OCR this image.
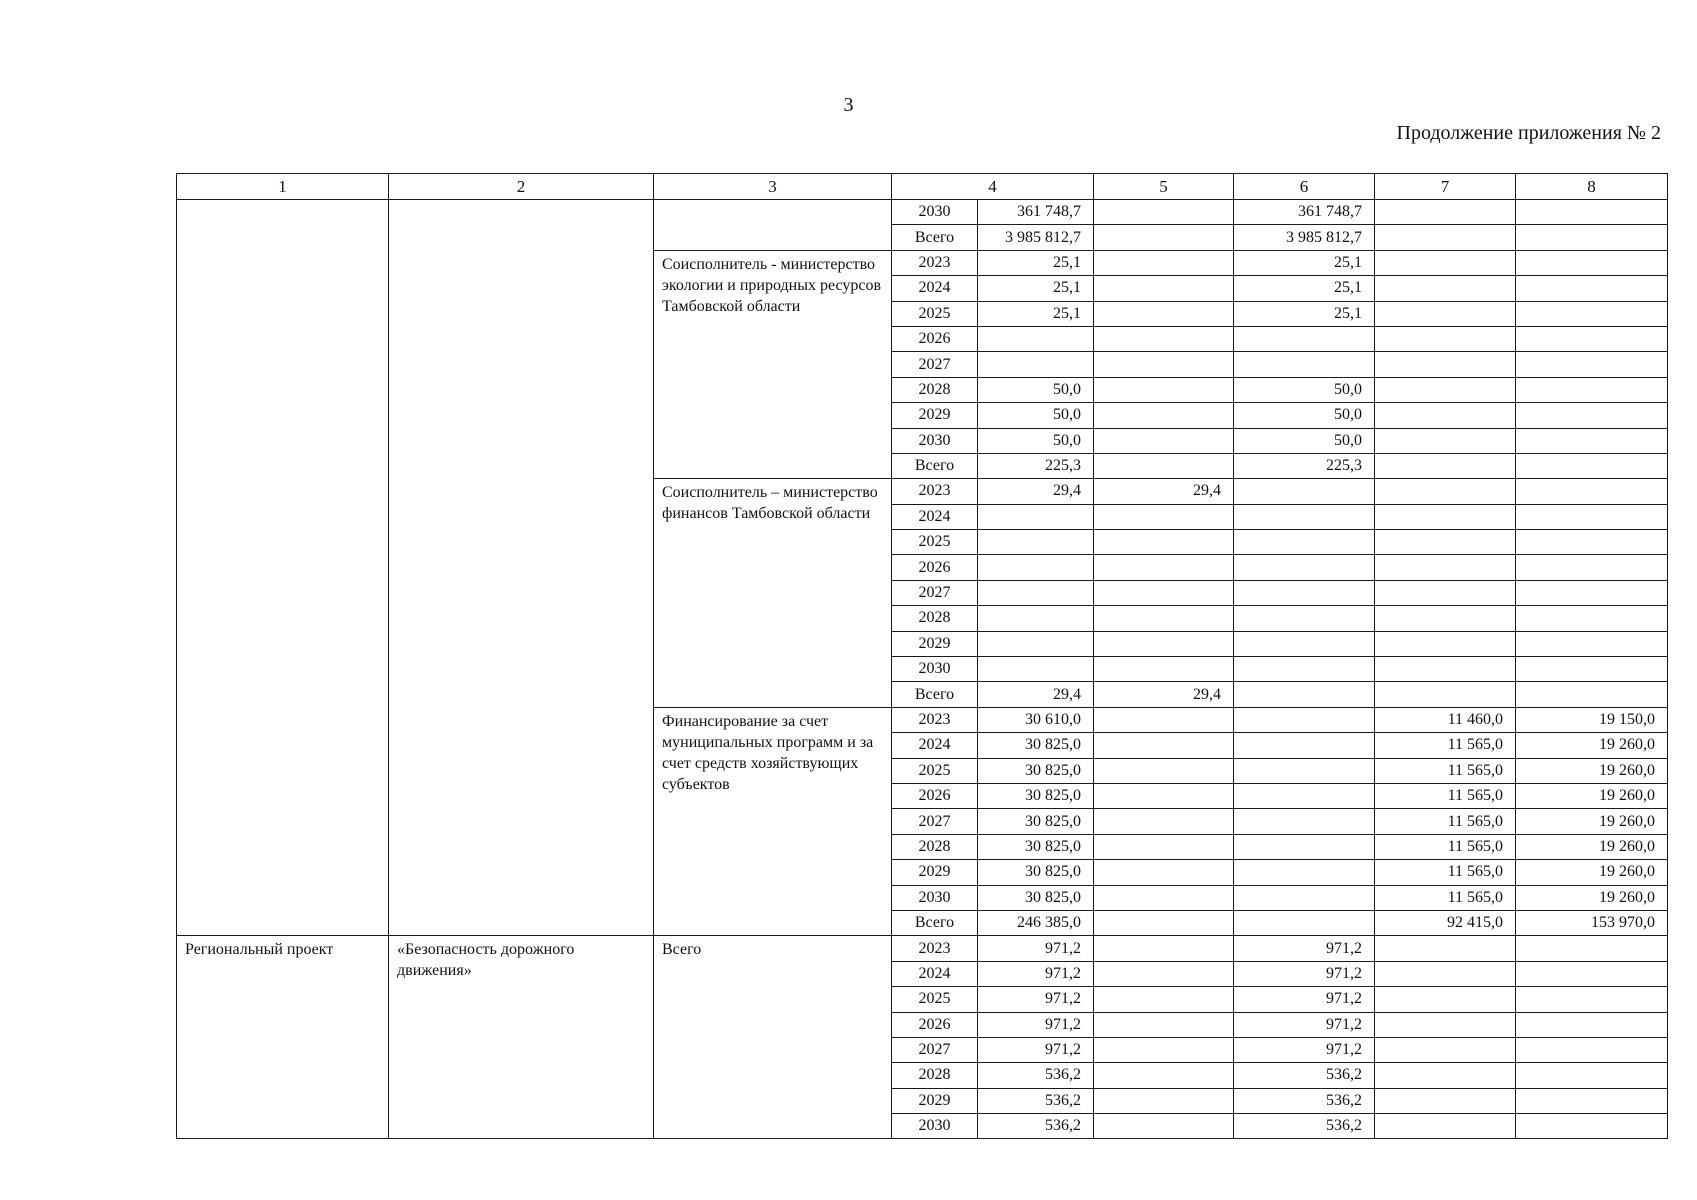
3
Продолжение приложения № 2
1	2	3	4		5	6	7	8
			2030	361 748,7		361 748,7		
			Всего	3 985 812,7		3 985 812,7		
		Соисполнитель - министерство экологии и природных ресурсов Тамбовской области	2023	25,1		25,1		
			2024	25,1		25,1		
			2025	25,1		25,1		
			2026					
			2027					
			2028	50,0		50,0		
			2029	50,0		50,0		
			2030	50,0		50,0		
			Всего	225,3		225,3		
		Соисполнитель – министерство финансов Тамбовской области	2023	29,4	29,4			
			2024					
			2025					
			2026					
			2027					
			2028					
			2029					
			2030					
			Всего	29,4	29,4			
		Финансирование за счет муниципальных программ и за счет средств хозяйствующих субъектов	2023	30 610,0			11 460,0	19 150,0
			2024	30 825,0			11 565,0	19 260,0
			2025	30 825,0			11 565,0	19 260,0
			2026	30 825,0			11 565,0	19 260,0
			2027	30 825,0			11 565,0	19 260,0
			2028	30 825,0			11 565,0	19 260,0
			2029	30 825,0			11 565,0	19 260,0
			2030	30 825,0			11 565,0	19 260,0
			Всего	246 385,0			92 415,0	153 970,0
Региональный проект	«Безопасность дорожного движения»	Всего	2023	971,2		971,2		
			2024	971,2		971,2		
			2025	971,2		971,2		
			2026	971,2		971,2		
			2027	971,2		971,2		
			2028	536,2		536,2		
			2029	536,2		536,2		
			2030	536,2		536,2		
